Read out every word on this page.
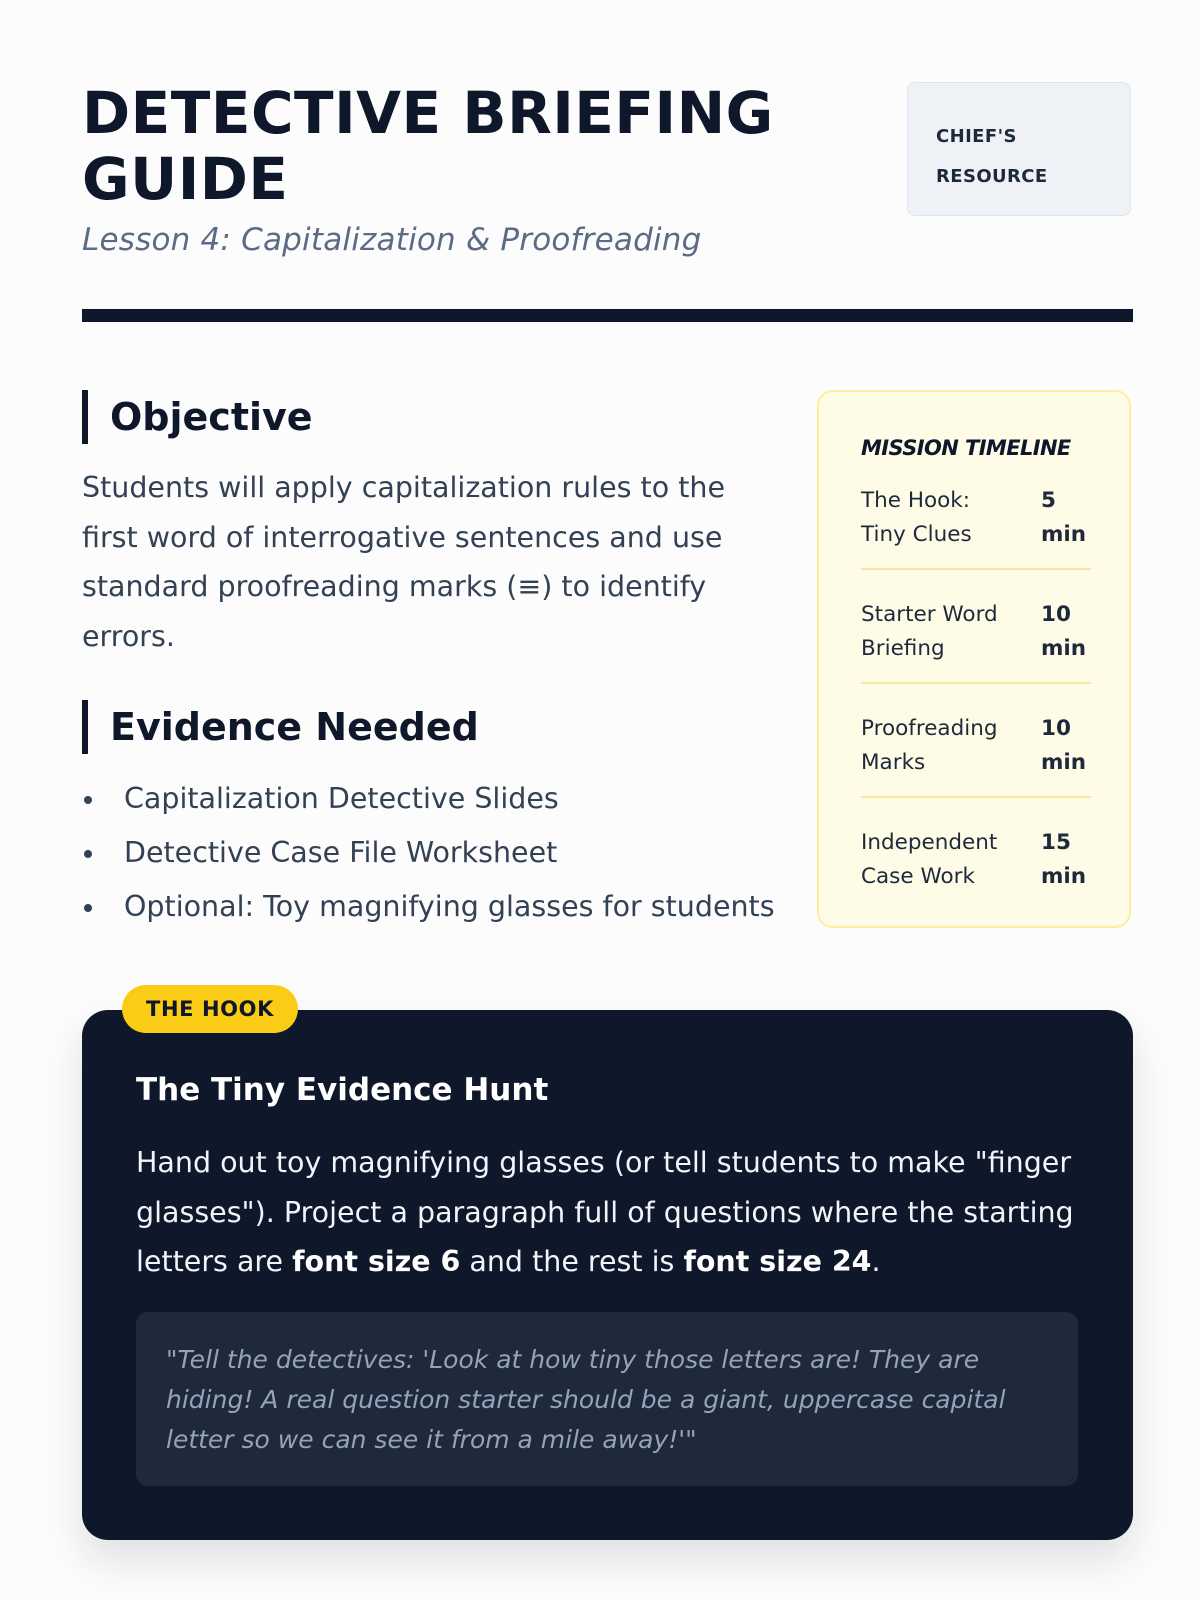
DETECTIVE BRIEFING GUIDE

Lesson 4: Capitalization & Proofreading

CHIEF'S RESOURCE
Objective

Students will apply capitalization rules to the first word of interrogative sentences and use standard proofreading marks (≡) to identify errors.

Evidence Needed
Capitalization Detective Slides
Detective Case File Worksheet
Optional: Toy magnifying glasses for students
MISSION TIMELINE
The Hook: Tiny Clues
5 min
Starter Word Briefing
10 min
Proofreading Marks
10 min
Independent Case Work
15 min
The Tiny Evidence Hunt

Hand out toy magnifying glasses (or tell students to make "finger glasses"). Project a paragraph full of questions where the starting letters are font size 6 and the rest is font size 24.

"Tell the detectives: 'Look at how tiny those letters are! They are hiding! A real question starter should be a giant, uppercase capital letter so we can see it from a mile away!'"
THE HOOK
